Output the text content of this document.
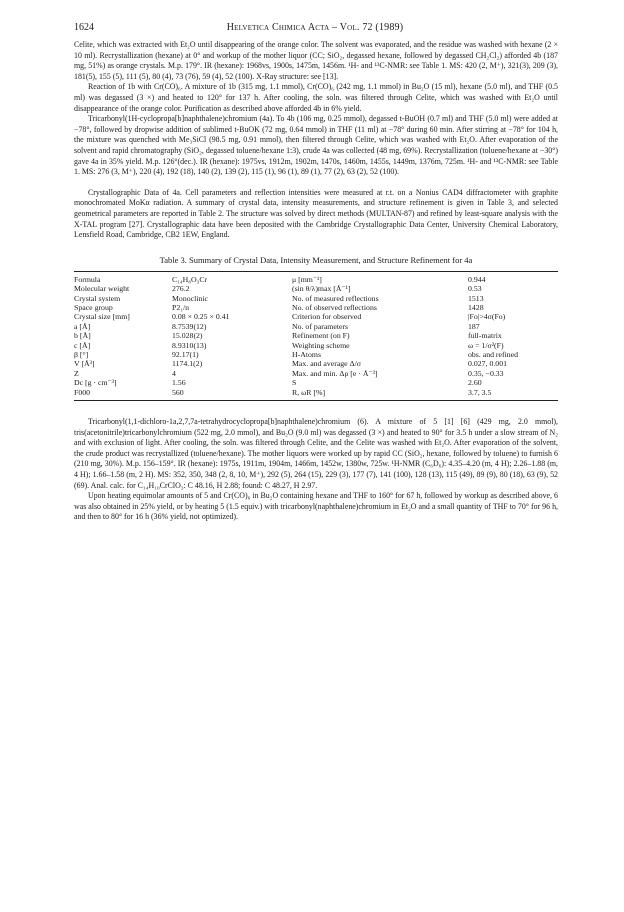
1624	Helvetica Chimica Acta – Vol. 72 (1989)

Celite, which was extracted with Et₂O until disappearing of the orange color. The solvent was evaporated, and the residue was washed with hexane (2 × 10 ml). Recrystallization (hexane) at 0° and workup of the mother liquor (CC; SiO₂, degassed hexane, followed by degassed CH₂Cl₂) afforded 4b (187 mg, 51%) as orange crystals. M.p. 179°. IR (hexane): 1968vs, 1900s, 1475m, 1456m. ¹H- and ¹³C-NMR: see Table 1. MS: 420 (2, M⁺), 321(3), 209 (3), 181(5), 155 (5), 111 (5), 80 (4), 73 (76), 59 (4), 52 (100). X-Ray structure: see [13].

Reaction of 1b with Cr(CO)₆. A mixture of 1b (315 mg, 1.1 mmol), Cr(CO)₆ (242 mg, 1.1 mmol) in Bu₂O (15 ml), hexane (5.0 ml), and THF (0.5 ml) was degassed (3 ×) and heated to 120° for 137 h. After cooling, the soln. was filtered through Celite, which was washed with Et₂O until disappearance of the orange color. Purification as described above afforded 4b in 6% yield.

Tricarbonyl(1H-cyclopropa[b]naphthalene)chromium (4a). To 4b (106 mg, 0.25 mmol), degassed t-BuOH (0.7 ml) and THF (5.0 ml) were added at −78°, followed by dropwise addition of sublimed t-BuOK (72 mg, 0.64 mmol) in THF (11 ml) at −78° during 60 min. After stirring at −78° for 104 h, the mixture was quenched with Me₃SiCl (98.5 mg, 0.91 mmol), then filtered through Celite, which was washed with Et₂O. After evaporation of the solvent and rapid chromatography (SiO₂, degassed toluene/hexane 1:3), crude 4a was collected (48 mg, 69%). Recrystallization (toluene/hexane at −30°) gave 4a in 35% yield. M.p. 126°(dec.). IR (hexane): 1975vs, 1912m, 1902m, 1470s, 1460m, 1455s, 1449m, 1376m, 725m. ¹H- and ¹³C-NMR: see Table 1. MS: 276 (3, M⁺), 220 (4), 192 (18), 140 (2), 139 (2), 115 (1), 96 (1), 89 (1), 77 (2), 63 (2), 52 (100).

Crystallographic Data of 4a. Cell parameters and reflection intensities were measured at r.t. on a Nonius CAD4 diffractometer with graphite monochromated MoKα radiation. A summary of crystal data, intensity measurements, and structure refinement is given in Table 3, and selected geometrical parameters are reported in Table 2. The structure was solved by direct methods (MULTAN-87) and refined by least-square analysis with the X-TAL program [27]. Crystallographic data have been deposited with the Cambridge Crystallographic Data Center, University Chemical Laboratory, Lensfield Road, Cambridge, CB2 1EW, England.

Table 3. Summary of Crystal Data, Intensity Measurement, and Structure Refinement for 4a
Formula	C₁₄H₈O₃Cr	μ [mm⁻¹]	0.944
Molecular weight	276.2	(sin θ/λ)max [Å⁻¹]	0.53
Crystal system	Monoclinic	No. of measured reflections	1513
Space group	P2₁/n	No. of observed reflections	1428
Crystal size [mm]	0.08 × 0.25 × 0.41	Criterion for observed	|Fo|>4σ(Fo)
a [Å]	8.7539(12)	No. of parameters	187
b [Å]	15.028(2)	Refinement (on F)	full-matrix
c [Å]	8.9310(13)	Weighting scheme	ω = 1/σ²(F)
β [°]	92.17(1)	H-Atoms	obs. and refined
V [Å³]	1174.1(2)	Max. and average Δ/σ	0.027, 0.001
Z	4	Max. and min. Δρ [e · Å⁻³]	0.35, −0.33
Dc [g · cm⁻³]	1.56	S	2.60
F000	560	R, ωR [%]	3.7, 3.5

Tricarbonyl(1,1-dichloro-1a,2,7,7a-tetrahydrocyclopropa[b]naphthalene)chromium (6). A mixture of 5 [1] [6] (429 mg, 2.0 mmol), tris(acetonitrile)tricarbonylchromium (522 mg, 2.0 mmol), and Bu₂O (9.0 ml) was degassed (3 ×) and heated to 90° for 3.5 h under a slow stream of N₂ and with exclusion of light. After cooling, the soln. was filtered through Celite, and the Celite was washed with Et₂O. After evaporation of the solvent, the crude product was recrystallized (toluene/hexane). The mother liquors were worked up by rapid CC (SiO₂, hexane, followed by toluene) to furnish 6 (210 mg, 30%). M.p. 156–159°. IR (hexane): 1975s, 1911m, 1904m, 1466m, 1452w, 1380w, 725w. ¹H-NMR (C₆D₆): 4.35–4.20 (m, 4 H); 2.26–1.88 (m, 4 H); 1.66–1.58 (m, 2 H). MS: 352, 350, 348 (2, 8, 10, M⁺), 292 (5), 264 (15), 229 (3), 177 (7), 141 (100), 128 (13), 115 (49), 89 (9), 80 (18), 63 (9), 52 (69). Anal. calc. for C₁₄H₁₀CrClO₃: C 48.16, H 2.88; found: C 48.27, H 2.97.

Upon heating equimolar amounts of 5 and Cr(CO)₆ in Bu₂O containing hexane and THF to 160° for 67 h, followed by workup as described above, 6 was also obtained in 25% yield, or by heating 5 (1.5 equiv.) with tricarbonyl(naphthalene)chromium in Et₂O and a small quantity of THF to 70° for 96 h, and then to 80° for 16 h (36% yield, not optimized).
